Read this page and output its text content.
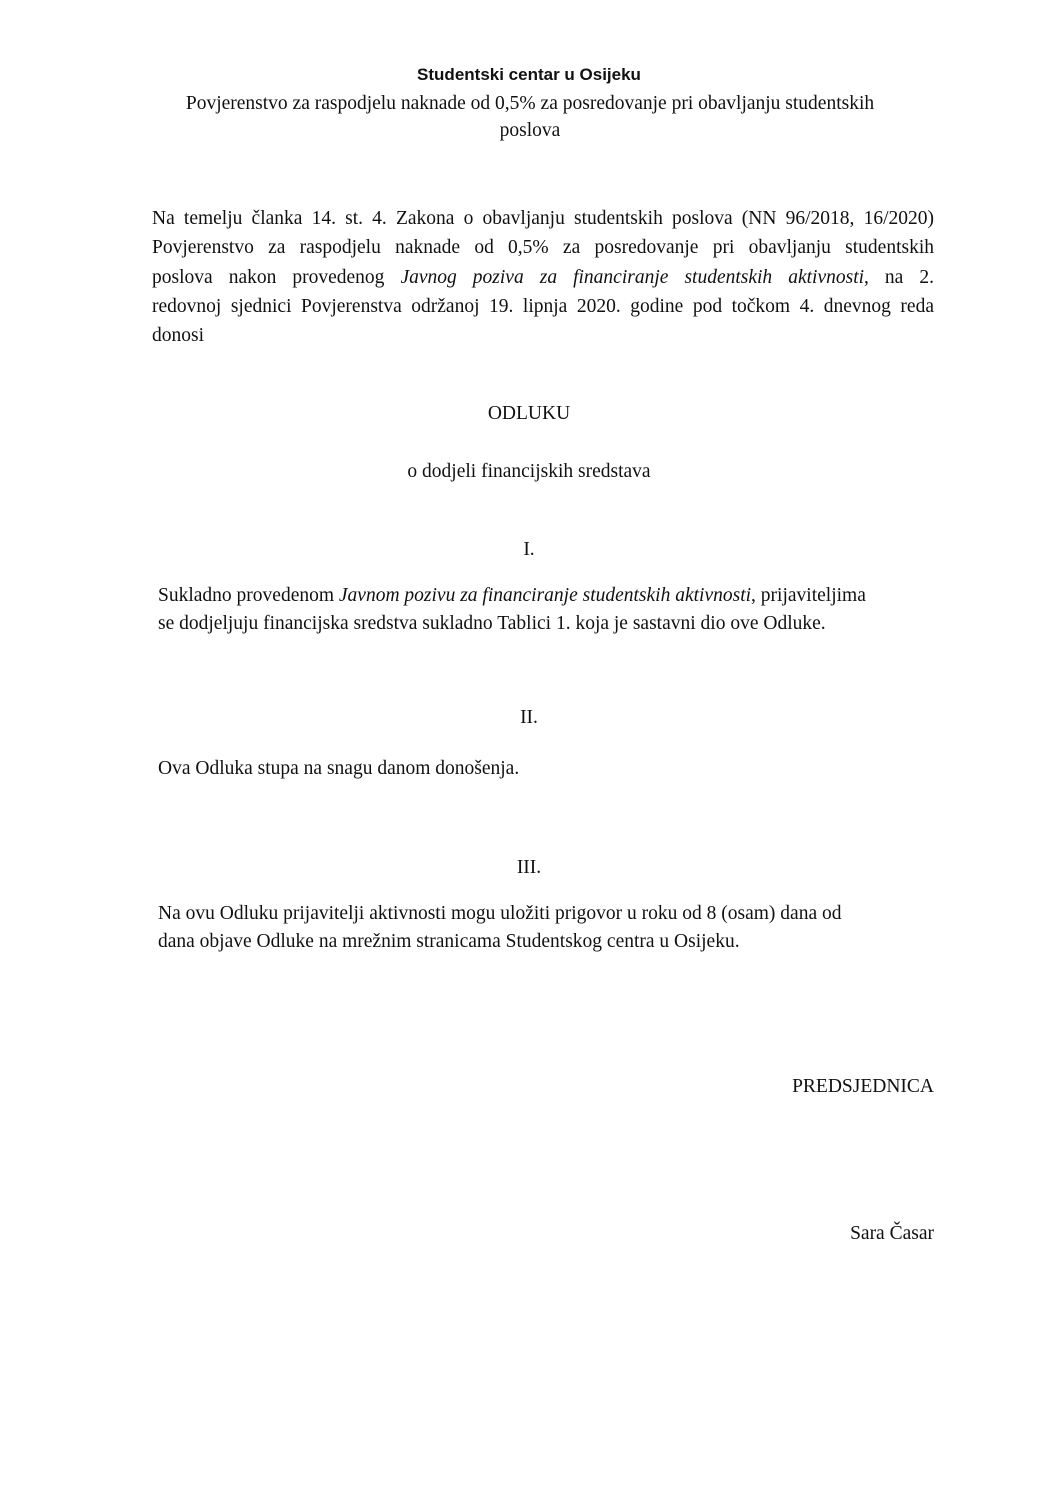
Studentski centar u Osijeku
Povjerenstvo za raspodjelu naknade od 0,5% za posredovanje pri obavljanju studentskih
poslova

Na temelju članka 14. st. 4. Zakona o obavljanju studentskih poslova (NN 96/2018, 16/2020)

Povjerenstvo za raspodjelu naknade od 0,5% za posredovanje pri obavljanju studentskih

poslova nakon provedenog Javnog poziva za financiranje studentskih aktivnosti, na 2.

redovnoj sjednici Povjerenstva održanoj 19. lipnja 2020. godine pod točkom 4. dnevnog reda

donosi

ODLUKU
o dodjeli financijskih sredstava
I.
Sukladno provedenom Javnom pozivu za financiranje studentskih aktivnosti, prijaviteljima
se dodjeljuju financijska sredstva sukladno Tablici 1. koja je sastavni dio ove Odluke.
II.
Ova Odluka stupa na snagu danom donošenja.
III.
Na ovu Odluku prijavitelji aktivnosti mogu uložiti prigovor u roku od 8 (osam) dana od
dana objave Odluke na mrežnim stranicama Studentskog centra u Osijeku.
PREDSJEDNICA
Sara Časar
